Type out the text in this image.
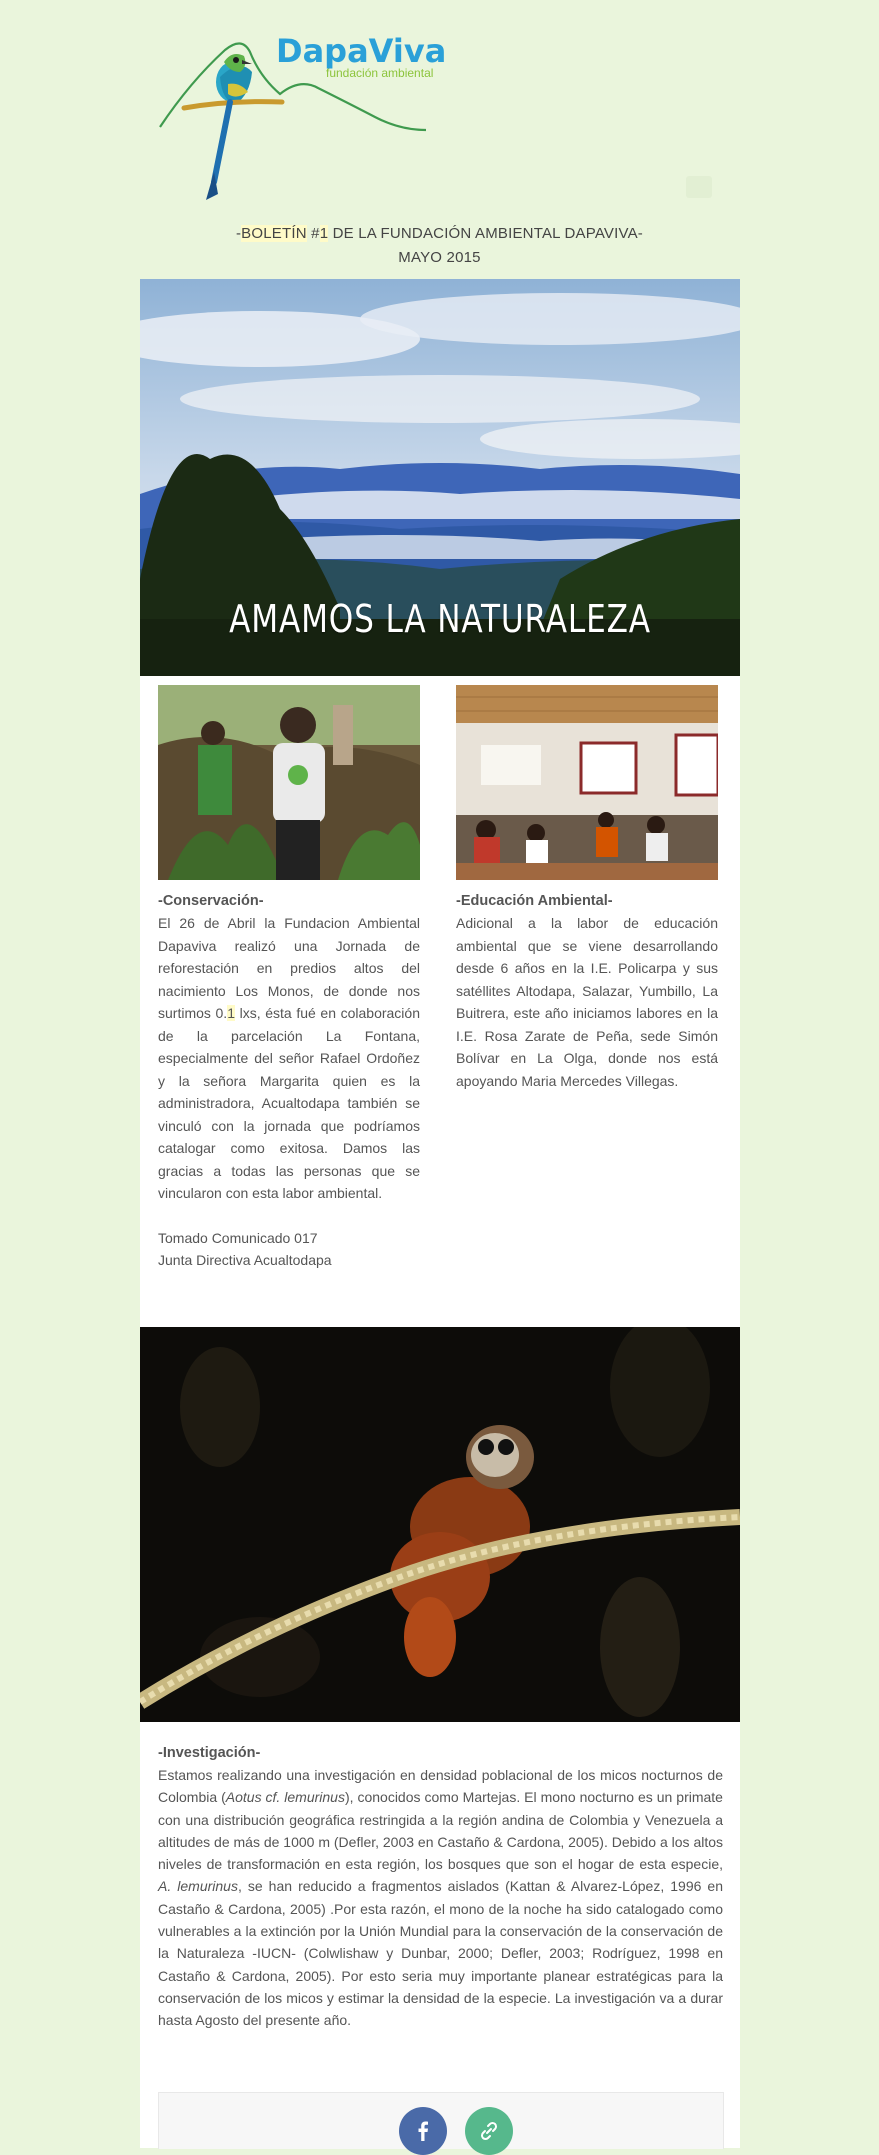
DapaViva
fundación ambiental
-BOLETÍN #1 DE LA FUNDACIÓN AMBIENTAL DAPAVIVA-
MAYO 2015
AMAMOS LA NATURALEZA
-Conservación-

El 26 de Abril la Fundacion Ambiental Dapaviva realizó una Jornada de reforestación en predios altos del nacimiento Los Monos, de donde nos surtimos 0.1 lxs, ésta fué en colaboración de la parcelación La Fontana, especialmente del señor Rafael Ordoñez y la señora Margarita quien es la administradora, Acualtodapa también se vinculó con la jornada que podríamos catalogar como exitosa. Damos las gracias a todas las personas que se vincularon con esta labor ambiental.

Tomado Comunicado 017
Junta Directiva Acualtodapa

-Educación Ambiental-

Adicional a la labor de educación ambiental que se viene desarrollando desde 6 años en la I.E. Policarpa y sus satéllites Altodapa, Salazar, Yumbillo, La Buitrera, este año iniciamos labores en la I.E. Rosa Zarate de Peña, sede Simón Bolívar en La Olga, donde nos está apoyando Maria Mercedes Villegas.

-Investigación-

Estamos realizando una investigación en densidad poblacional de los micos nocturnos de Colombia (Aotus cf. lemurinus), conocidos como Martejas. El mono nocturno es un primate con una distribución geográfica restringida a la región andina de Colombia y Venezuela a altitudes de más de 1000 m (Defler, 2003 en Castaño & Cardona, 2005). Debido a los altos niveles de transformación en esta región, los bosques que son el hogar de esta especie, A. lemurinus, se han reducido a fragmentos aislados (Kattan & Alvarez-López, 1996 en Castaño & Cardona, 2005) .Por esta razón, el mono de la noche ha sido catalogado como vulnerables a la extinción por la Unión Mundial para la conservación de la conservación de la Naturaleza -IUCN- (Colwlishaw y Dunbar, 2000; Defler, 2003; Rodríguez, 1998 en Castaño & Cardona, 2005). Por esto seria muy importante planear estratégicas para la conservación de los micos y estimar la densidad de la especie. La investigación va a durar hasta Agosto del presente año.
